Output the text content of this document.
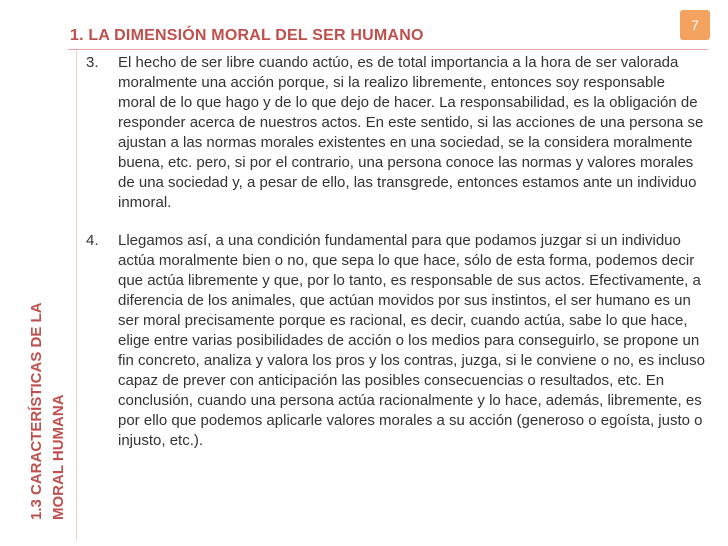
1. LA DIMENSIÓN MORAL DEL SER HUMANO
7
1.3 CARACTERÍSTICAS DE LA MORAL HUMANA
3.	El hecho de ser libre cuando actúo, es de total importancia a la hora de ser valorada moralmente una acción porque, si la realizo libremente, entonces soy responsable moral de lo que hago y de lo que dejo de hacer. La responsabilidad, es la obligación de responder acerca de nuestros actos. En este sentido, si las acciones de una persona se ajustan a las normas morales existentes en una sociedad, se la considera moralmente buena, etc. pero, si por el contrario, una persona conoce las normas y valores morales de una sociedad y, a pesar de ello, las transgrede, entonces estamos ante un individuo inmoral.
4.	Llegamos así, a una condición fundamental para que podamos juzgar si un individuo actúa moralmente bien o no, que sepa lo que hace, sólo de esta forma, podemos decir que actúa libremente y que, por lo tanto, es responsable de sus actos. Efectivamente, a diferencia de los animales, que actúan movidos por sus instintos, el ser humano es un ser moral precisamente porque es racional, es decir, cuando actúa, sabe lo que hace, elige entre varias posibilidades de acción o los medios para conseguirlo, se propone un fin concreto, analiza y valora los pros y los contras, juzga, si le conviene o no, es incluso capaz de prever con anticipación las posibles consecuencias o resultados, etc. En conclusión, cuando una persona actúa racionalmente y lo hace, además, libremente, es por ello que podemos aplicarle valores morales a su acción (generoso o egoísta, justo o injusto, etc.).
